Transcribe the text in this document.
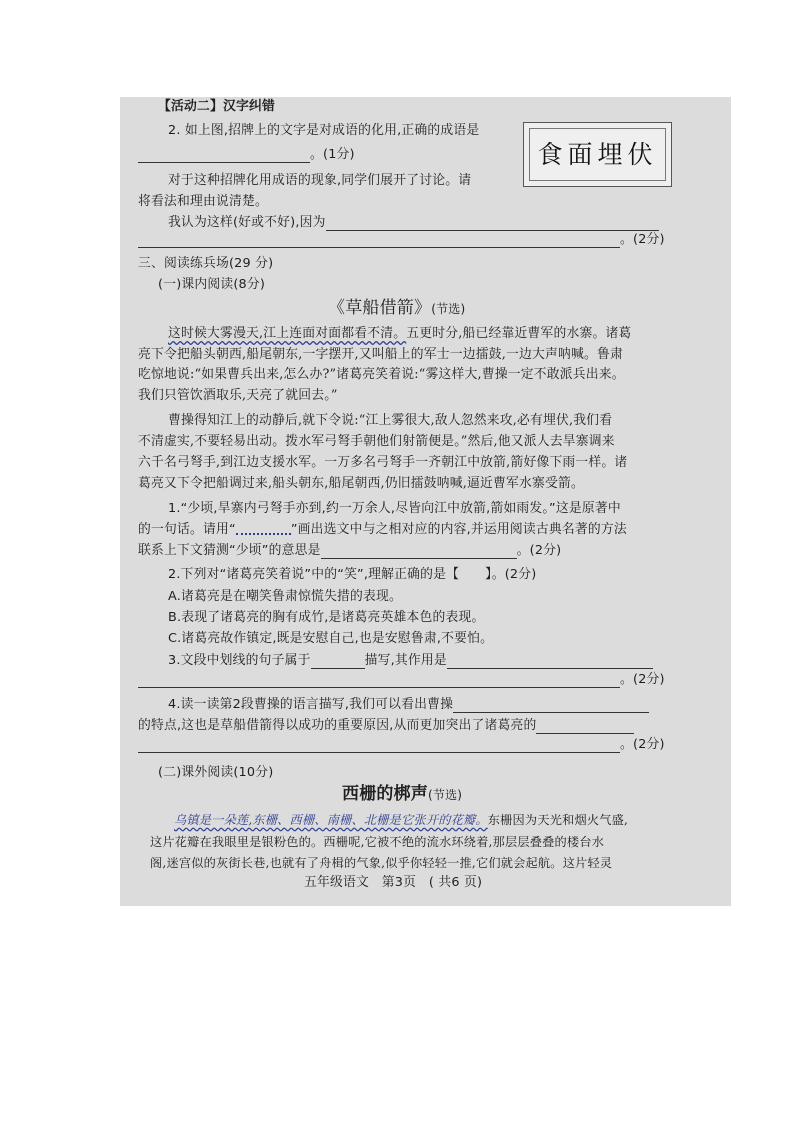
【活动二】汉字纠错
2. 如上图,招牌上的文字是对成语的化用,正确的成语是
。(1分)	食面埋伏
对于这种招牌化用成语的现象,同学们展开了讨论。请
将看法和理由说清楚。
我认为这样(好或不好),因为
。(2分)
三、阅读练兵场(29 分)
(一)课内阅读(8分)
《草船借箭》(节选)
这时候大雾漫天,江上连面对面都看不清。五更时分,船已经靠近曹军的水寨。诸葛
亮下令把船头朝西,船尾朝东,一字摆开,又叫船上的军士一边擂鼓,一边大声呐喊。鲁肃
吃惊地说:“如果曹兵出来,怎么办?”诸葛亮笑着说:“雾这样大,曹操一定不敢派兵出来。
我们只管饮酒取乐,天亮了就回去。”
曹操得知江上的动静后,就下令说:“江上雾很大,敌人忽然来攻,必有埋伏,我们看
不清虚实,不要轻易出动。拨水军弓弩手朝他们射箭便是。”然后,他又派人去旱寨调来
六千名弓弩手,到江边支援水军。一万多名弓弩手一齐朝江中放箭,箭好像下雨一样。诸
葛亮又下令把船调过来,船头朝东,船尾朝西,仍旧擂鼓呐喊,逼近曹军水寨受箭。
1.“少顷,旱寨内弓弩手亦到,约一万余人,尽皆向江中放箭,箭如雨发。”这是原著中
的一句话。请用“	”画出选文中与之相对应的内容,并运用阅读古典名著的方法
联系上下文猜测“少顷”的意思是	。(2分)
2.下列对“诸葛亮笑着说”中的“笑”,理解正确的是【 】。(2分)
A.诸葛亮是在嘲笑鲁肃惊慌失措的表现。
B.表现了诸葛亮的胸有成竹,是诸葛亮英雄本色的表现。
C.诸葛亮故作镇定,既是安慰自己,也是安慰鲁肃,不要怕。
3.文段中划线的句子属于	描写,其作用是
。(2分)
4.读一读第2段曹操的语言描写,我们可以看出曹操
的特点,这也是草船借箭得以成功的重要原因,从而更加突出了诸葛亮的
。(2分)
(二)课外阅读(10分)
西栅的梆声(节选)
乌镇是一朵莲,东栅、西栅、南栅、北栅是它张开的花瓣。东栅因为天光和烟火气盛,
这片花瓣在我眼里是银粉色的。西栅呢,它被不绝的流水环绕着,那层层叠叠的楼台水
阁,迷宫似的灰街长巷,也就有了舟楫的气象,似乎你轻轻一推,它们就会起航。这片轻灵
五年级语文   第3页   ( 共6 页)
